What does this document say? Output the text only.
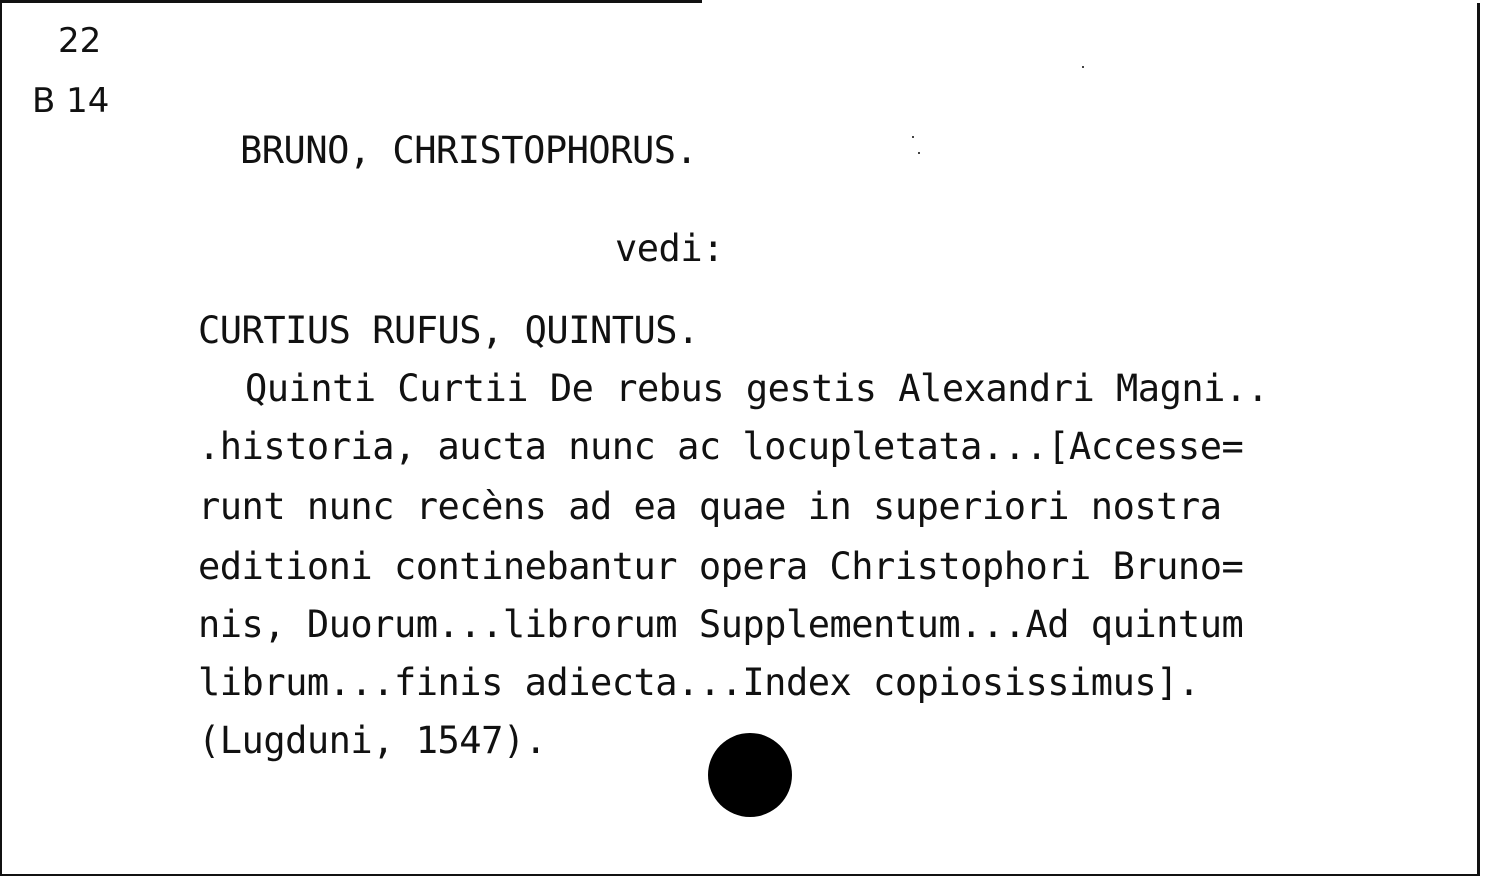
22
B 14
BRUNO, CHRISTOPHORUS.
vedi:
CURTIUS RUFUS, QUINTUS.
Quinti Curtii De rebus gestis Alexandri Magni..
.historia, aucta nunc ac locupletata...[Accesse=
runt nunc recèns ad ea quae in superiori nostra
editioni continebantur opera Christophori Bruno=
nis, Duorum...librorum Supplementum...Ad quintum
librum...finis adiecta...Index copiosissimus].
(Lugduni, 1547).
